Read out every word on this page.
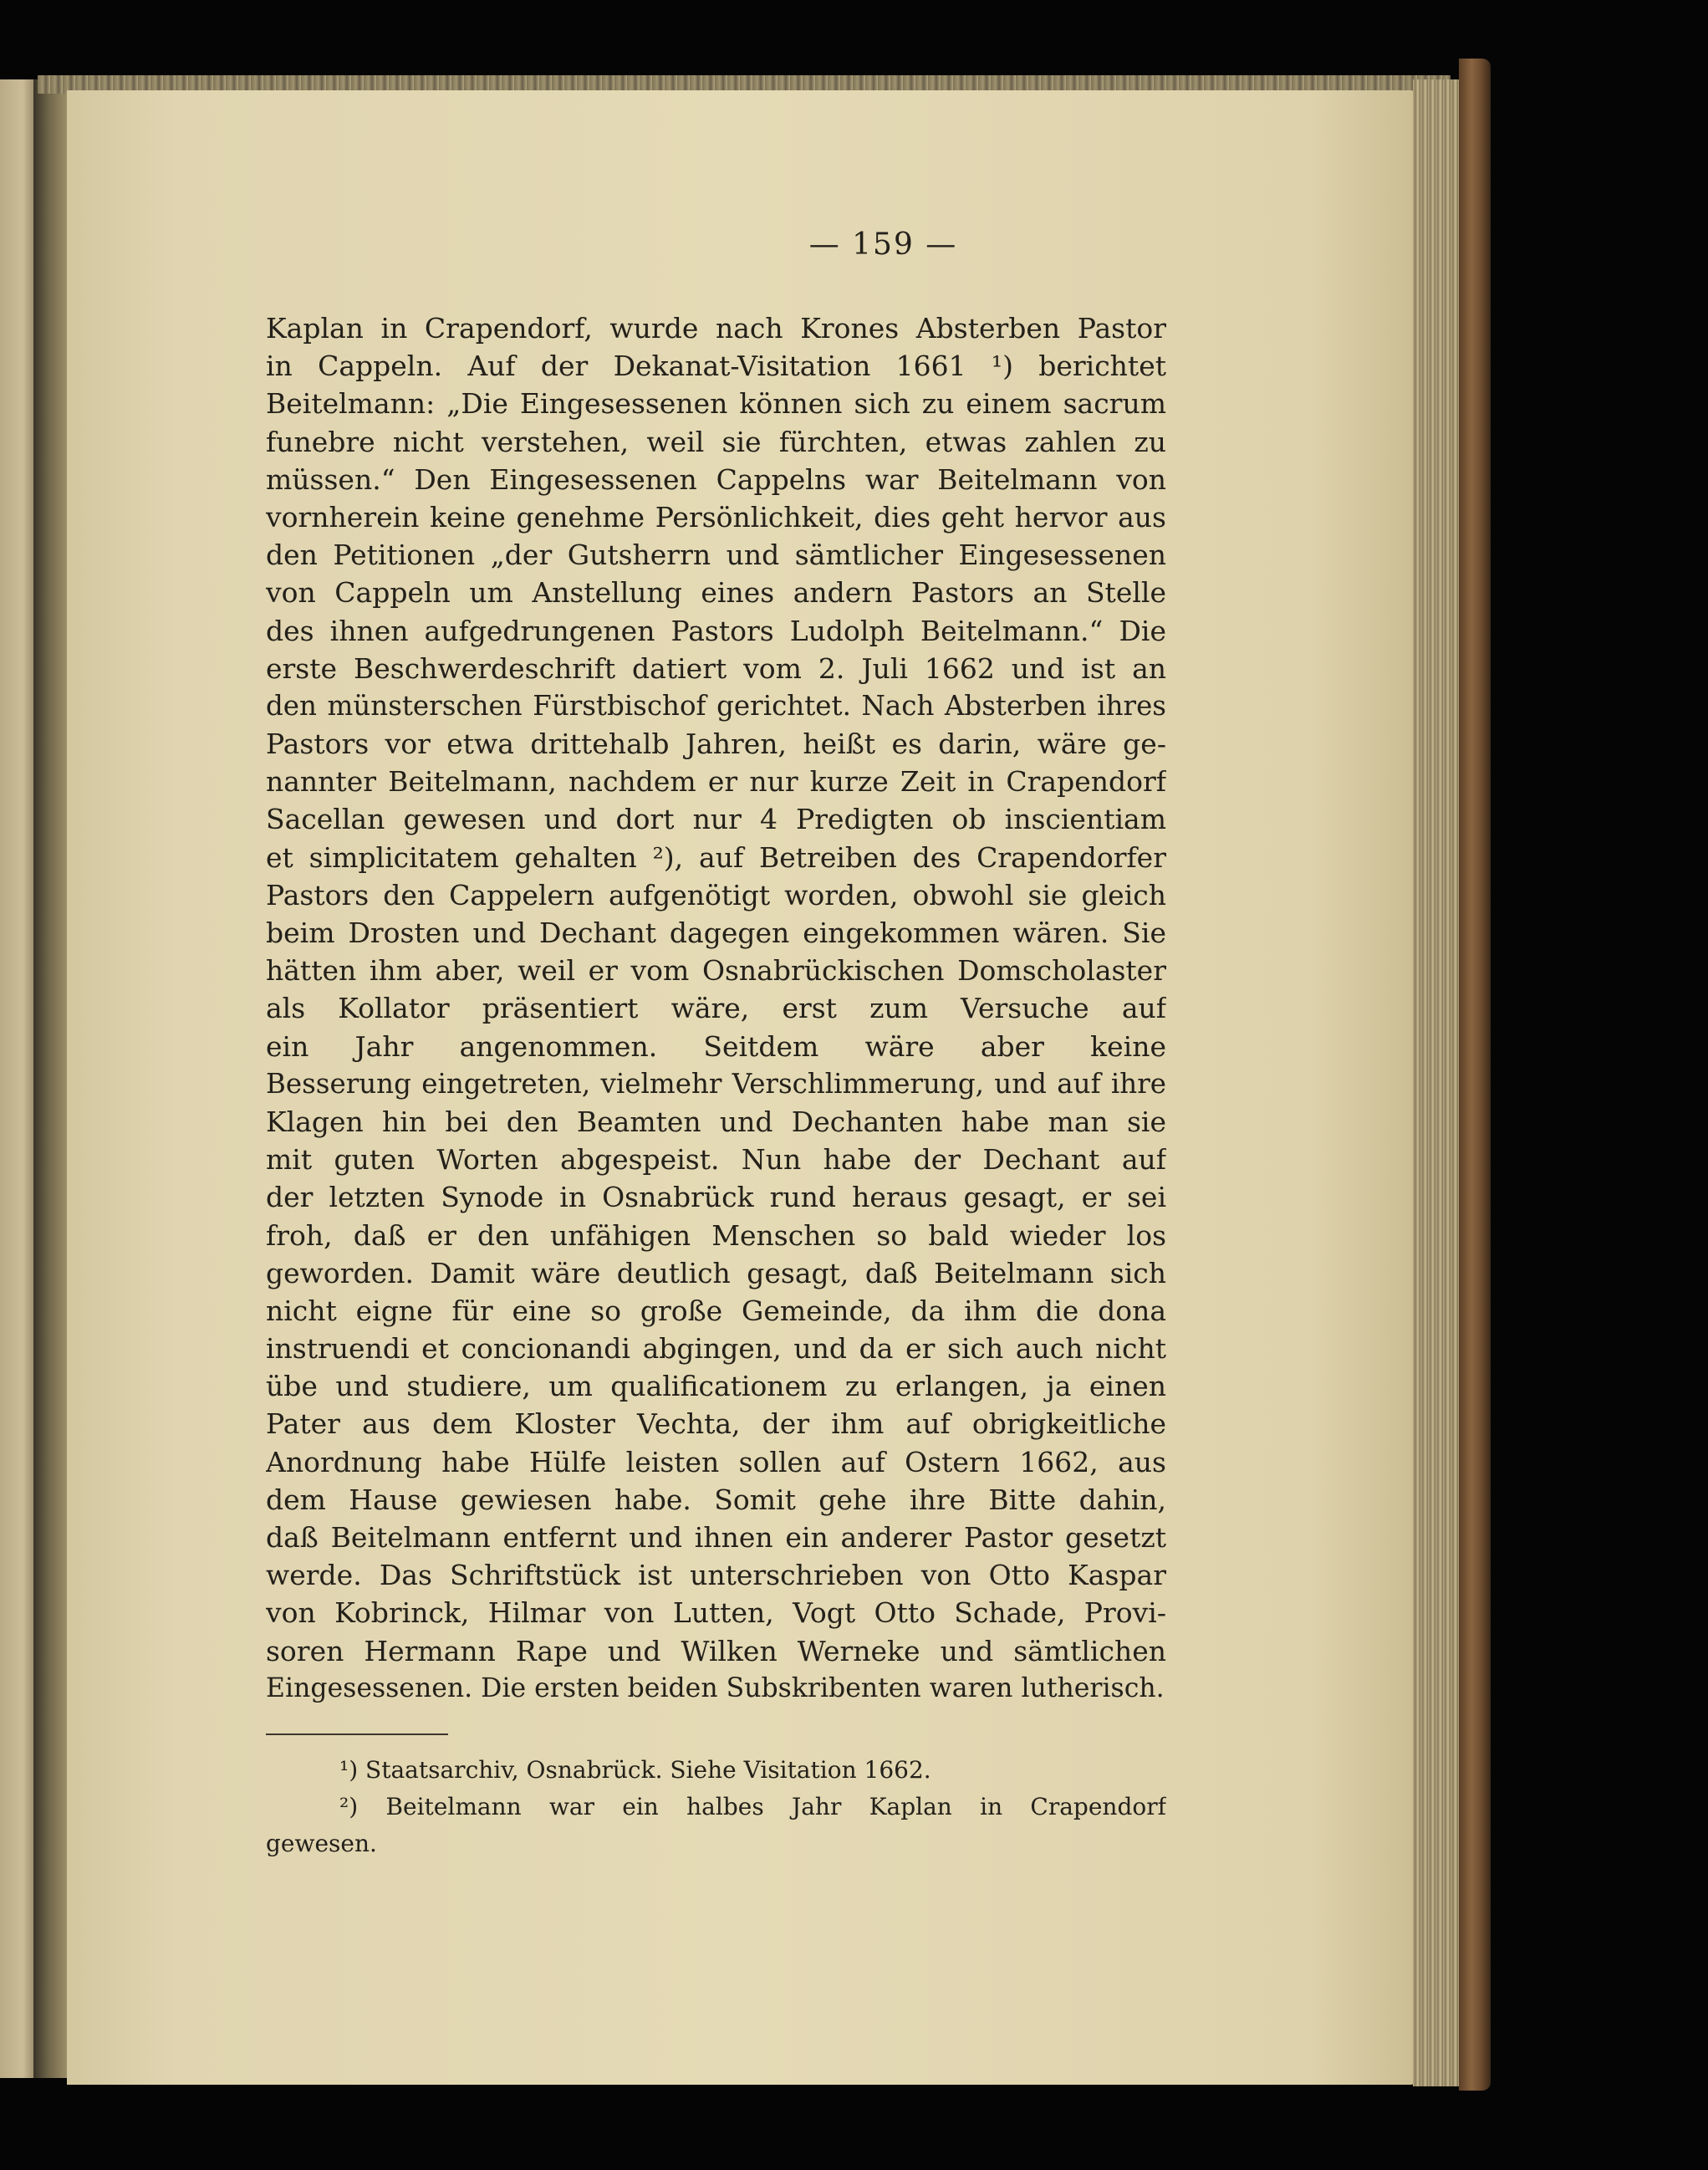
— 159 —
Kaplan in Crapendorf, wurde nach Krones Absterben Pastor
in Cappeln. Auf der Dekanat-Visitation 1661 ¹) berichtet
Beitelmann: „Die Eingesessenen können sich zu einem sacrum
funebre nicht verstehen, weil sie fürchten, etwas zahlen zu
müssen.“ Den Eingesessenen Cappelns war Beitelmann von
vornherein keine genehme Persönlichkeit, dies geht hervor aus
den Petitionen „der Gutsherrn und sämtlicher Eingesessenen
von Cappeln um Anstellung eines andern Pastors an Stelle
des ihnen aufgedrungenen Pastors Ludolph Beitelmann.“ Die
erste Beschwerdeschrift datiert vom 2. Juli 1662 und ist an
den münsterschen Fürstbischof gerichtet. Nach Absterben ihres
Pastors vor etwa drittehalb Jahren, heißt es darin, wäre ge-
nannter Beitelmann, nachdem er nur kurze Zeit in Crapendorf
Sacellan gewesen und dort nur 4 Predigten ob inscientiam
et simplicitatem gehalten ²), auf Betreiben des Crapendorfer
Pastors den Cappelern aufgenötigt worden, obwohl sie gleich
beim Drosten und Dechant dagegen eingekommen wären. Sie
hätten ihm aber, weil er vom Osnabrückischen Domscholaster
als Kollator präsentiert wäre, erst zum Versuche auf
ein Jahr angenommen. Seitdem wäre aber keine
Besserung eingetreten, vielmehr Verschlimmerung, und auf ihre
Klagen hin bei den Beamten und Dechanten habe man sie
mit guten Worten abgespeist. Nun habe der Dechant auf
der letzten Synode in Osnabrück rund heraus gesagt, er sei
froh, daß er den unfähigen Menschen so bald wieder los
geworden. Damit wäre deutlich gesagt, daß Beitelmann sich
nicht eigne für eine so große Gemeinde, da ihm die dona
instruendi et concionandi abgingen, und da er sich auch nicht
übe und studiere, um qualificationem zu erlangen, ja einen
Pater aus dem Kloster Vechta, der ihm auf obrigkeitliche
Anordnung habe Hülfe leisten sollen auf Ostern 1662, aus
dem Hause gewiesen habe. Somit gehe ihre Bitte dahin,
daß Beitelmann entfernt und ihnen ein anderer Pastor gesetzt
werde. Das Schriftstück ist unterschrieben von Otto Kaspar
von Kobrinck, Hilmar von Lutten, Vogt Otto Schade, Provi-
soren Hermann Rape und Wilken Werneke und sämtlichen
Eingesessenen. Die ersten beiden Subskribenten waren lutherisch.
¹) Staatsarchiv, Osnabrück. Siehe Visitation 1662.
²) Beitelmann war ein halbes Jahr Kaplan in Crapendorf
gewesen.
